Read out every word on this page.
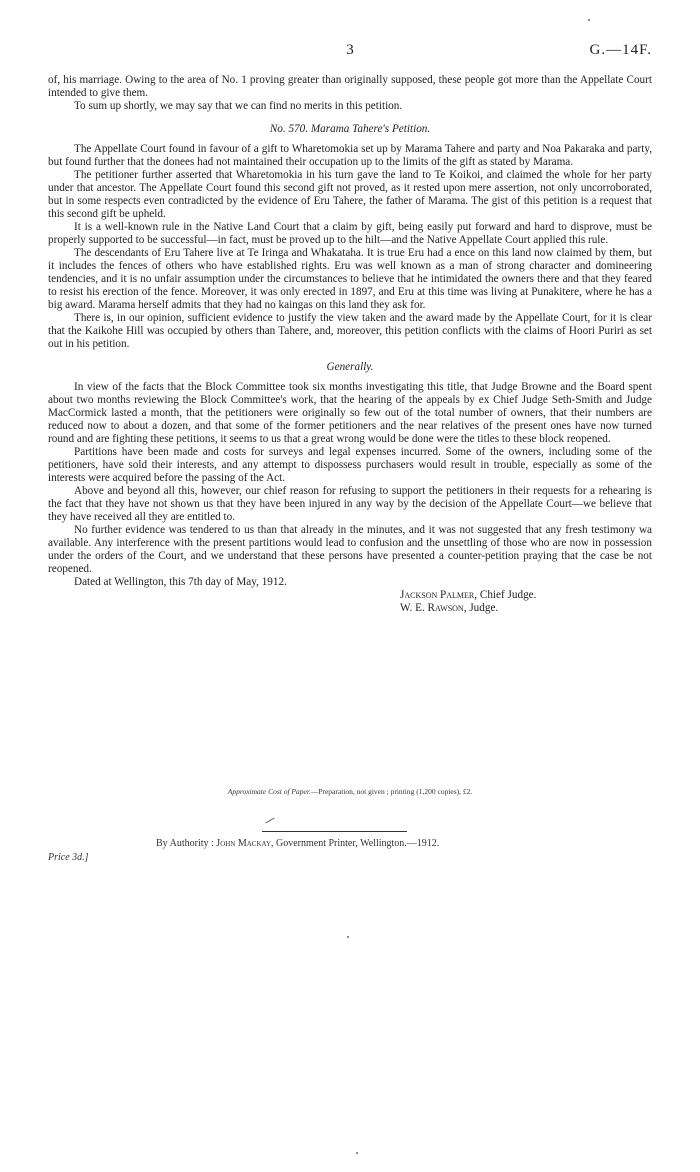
3	G.—14F.

of, his marriage. Owing to the area of No. 1 proving greater than originally supposed, these people got more than the Appellate Court intended to give them.

To sum up shortly, we may say that we can find no merits in this petition.

No. 570. Marama Tahere's Petition.

The Appellate Court found in favour of a gift to Wharetomokia set up by Marama Tahere and party and Noa Pakaraka and party, but found further that the donees had not maintained their occupation up to the limits of the gift as stated by Marama.

The petitioner further asserted that Wharetomokia in his turn gave the land to Te Koikoi, and claimed the whole for her party under that ancestor. The Appellate Court found this second gift not proved, as it rested upon mere assertion, not only uncorroborated, but in some respects even contradicted by the evidence of Eru Tahere, the father of Marama. The gist of this petition is a request that this second gift be upheld.

It is a well-known rule in the Native Land Court that a claim by gift, being easily put forward and hard to disprove, must be properly supported to be successful—in fact, must be proved up to the hilt—and the Native Appellate Court applied this rule.

The descendants of Eru Tahere live at Te Iringa and Whakataha. It is true Eru had a ence on this land now claimed by them, but it includes the fences of others who have established rights. Eru was well known as a man of strong character and domineering tendencies, and it is no unfair assumption under the circumstances to believe that he intimidated the owners there and that they feared to resist his erection of the fence. Moreover, it was only erected in 1897, and Eru at this time was living at Punakitere, where he has a big award. Marama herself admits that they had no kaingas on this land they ask for.

There is, in our opinion, sufficient evidence to justify the view taken and the award made by the Appellate Court, for it is clear that the Kaikohe Hill was occupied by others than Tahere, and, moreover, this petition conflicts with the claims of Hoori Puriri as set out in his petition.

Generally.

In view of the facts that the Block Committee took six months investigating this title, that Judge Browne and the Board spent about two months reviewing the Block Committee's work, that the hearing of the appeals by ex Chief Judge Seth-Smith and Judge MacCormick lasted a month, that the petitioners were originally so few out of the total number of owners, that their numbers are reduced now to about a dozen, and that some of the former petitioners and the near relatives of the present ones have now turned round and are fighting these petitions, it seems to us that a great wrong would be done were the titles to these block reopened.

Partitions have been made and costs for surveys and legal expenses incurred. Some of the owners, including some of the petitioners, have sold their interests, and any attempt to dispossess purchasers would result in trouble, especially as some of the interests were acquired before the passing of the Act.

Above and beyond all this, however, our chief reason for refusing to support the petitioners in their requests for a rehearing is the fact that they have not shown us that they have been injured in any way by the decision of the Appellate Court—we believe that they have received all they are entitled to.

No further evidence was tendered to us than that already in the minutes, and it was not suggested that any fresh testimony wa available. Any interference with the present partitions would lead to confusion and the unsettling of those who are now in possession under the orders of the Court, and we understand that these persons have presented a counter-petition praying that the case be not reopened.

Dated at Wellington, this 7th day of May, 1912.

Jackson Palmer, Chief Judge.
W. E. Rawson, Judge.
Approximate Cost of Paper.—Preparation, not given ; printing (1,200 copies), £2.
By Authority : John Mackay, Government Printer, Wellington.—1912.
Price 3d.]
